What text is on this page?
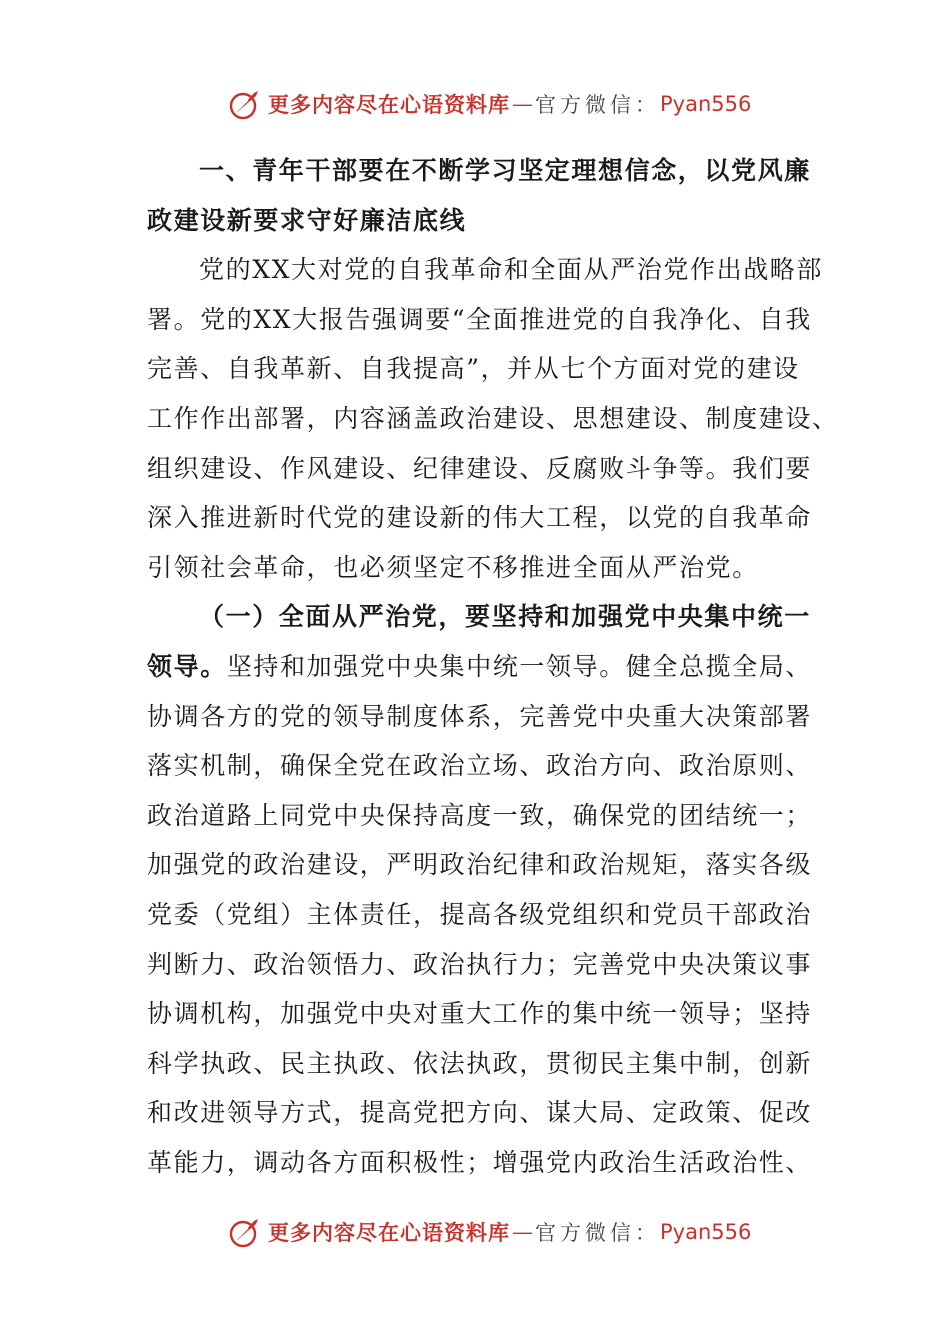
更多内容尽在心语资料库 — 官方微信： Pyan556
一、青年干部要在不断学习坚定理想信念，以党风廉
政建设新要求守好廉洁底线
党的XX大对党的自我革命和全面从严治党作出战略部
署。党的XX大报告强调要“全面推进党的自我净化、自我
完善、自我革新、自我提高”，并从七个方面对党的建设
工作作出部署，内容涵盖政治建设、思想建设、制度建设、
组织建设、作风建设、纪律建设、反腐败斗争等。我们要
深入推进新时代党的建设新的伟大工程，以党的自我革命
引领社会革命，也必须坚定不移推进全面从严治党。
（一）全面从严治党，要坚持和加强党中央集中统一
领导。坚持和加强党中央集中统一领导。健全总揽全局、
协调各方的党的领导制度体系，完善党中央重大决策部署
落实机制，确保全党在政治立场、政治方向、政治原则、
政治道路上同党中央保持高度一致，确保党的团结统一；
加强党的政治建设，严明政治纪律和政治规矩，落实各级
党委（党组）主体责任，提高各级党组织和党员干部政治
判断力、政治领悟力、政治执行力；完善党中央决策议事
协调机构，加强党中央对重大工作的集中统一领导；坚持
科学执政、民主执政、依法执政，贯彻民主集中制，创新
和改进领导方式，提高党把方向、谋大局、定政策、促改
革能力，调动各方面积极性；增强党内政治生活政治性、
更多内容尽在心语资料库 — 官方微信： Pyan556
